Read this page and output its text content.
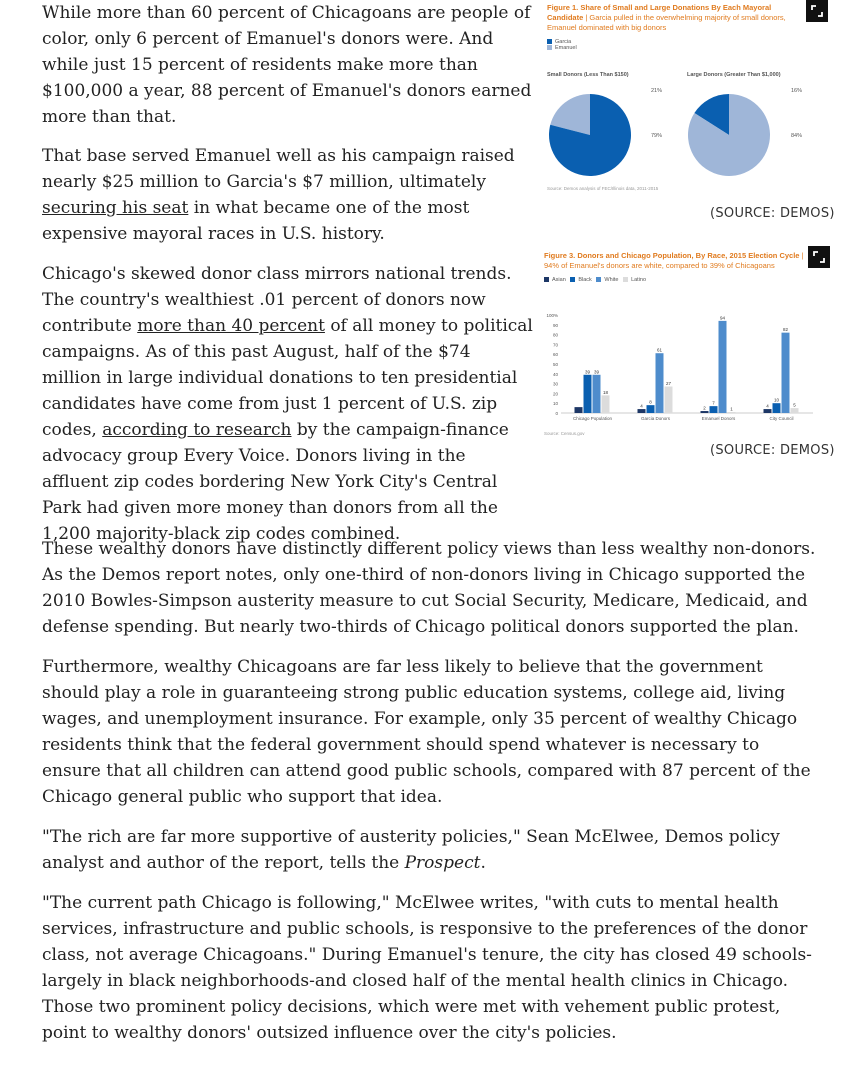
While more than 60 percent of Chicagoans are people of color, only 6 percent of Emanuel's donors were. And while just 15 percent of residents make more than $100,000 a year, 88 percent of Emanuel's donors earned more than that.

That base served Emanuel well as his campaign raised nearly $25 million to Garcia's $7 million, ultimately securing his seat in what became one of the most expensive mayoral races in U.S. history.

Chicago's skewed donor class mirrors national trends. The country's wealthiest .01 percent of donors now contribute more than 40 percent of all money to political campaigns. As of this past August, half of the $74 million in large individual donations to ten presidential candidates have come from just 1 percent of U.S. zip codes, according to research by the campaign-finance advocacy group Every Voice. Donors living in the affluent zip codes bordering New York City's Central Park had given more money than donors from all the 1,200 majority-black zip codes combined.

These wealthy donors have distinctly different policy views than less wealthy non-donors. As the Demos report notes, only one-third of non-donors living in Chicago supported the 2010 Bowles-Simpson austerity measure to cut Social Security, Medicare, Medicaid, and defense spending. But nearly two-thirds of Chicago political donors supported the plan.

Furthermore, wealthy Chicagoans are far less likely to believe that the government should play a role in guaranteeing strong public education systems, college aid, living wages, and unemployment insurance. For example, only 35 percent of wealthy Chicago residents think that the federal government should spend whatever is necessary to ensure that all children can attend good public schools, compared with 87 percent of the Chicago general public who support that idea.

"The rich are far more supportive of austerity policies," Sean McElwee, Demos policy analyst and author of the report, tells the Prospect.

"The current path Chicago is following," McElwee writes, "with cuts to mental health services, infrastructure and public schools, is responsive to the preferences of the donor class, not average Chicagoans." During Emanuel's tenure, the city has closed 49 schools-largely in black neighborhoods-and closed half of the mental health clinics in Chicago. Those two prominent policy decisions, which were met with vehement public protest, point to wealthy donors' outsized influence over the city's policies.

Figure 1. Share of Small and Large Donations By Each Mayoral Candidate | Garcia pulled in the overwhelming majority of small donors, Emanuel dominated with big donors
Garcia
Emanuel
Small Donors (Less Than $150)	Large Donors (Greater Than $1,000)
21%
79%
16%
84%
Source: Demos analysis of FEC/Illinois data, 2011-2015
(SOURCE: DEMOS)
Figure 3. Donors and Chicago Population, By Race, 2015 Election Cycle | 94% of Emanuel's donors are white, compared to 39% of Chicagoans
Asian Black White Latino
0
10
20
30
40
50
60
70
80
90
100%
39 39
18
Chicago Population
4
8
61
27
Garcia Donors
2
7
94
1
Emanuel Donors
4
10
82
5
City Council
Source: Census.gov
(SOURCE: DEMOS)
